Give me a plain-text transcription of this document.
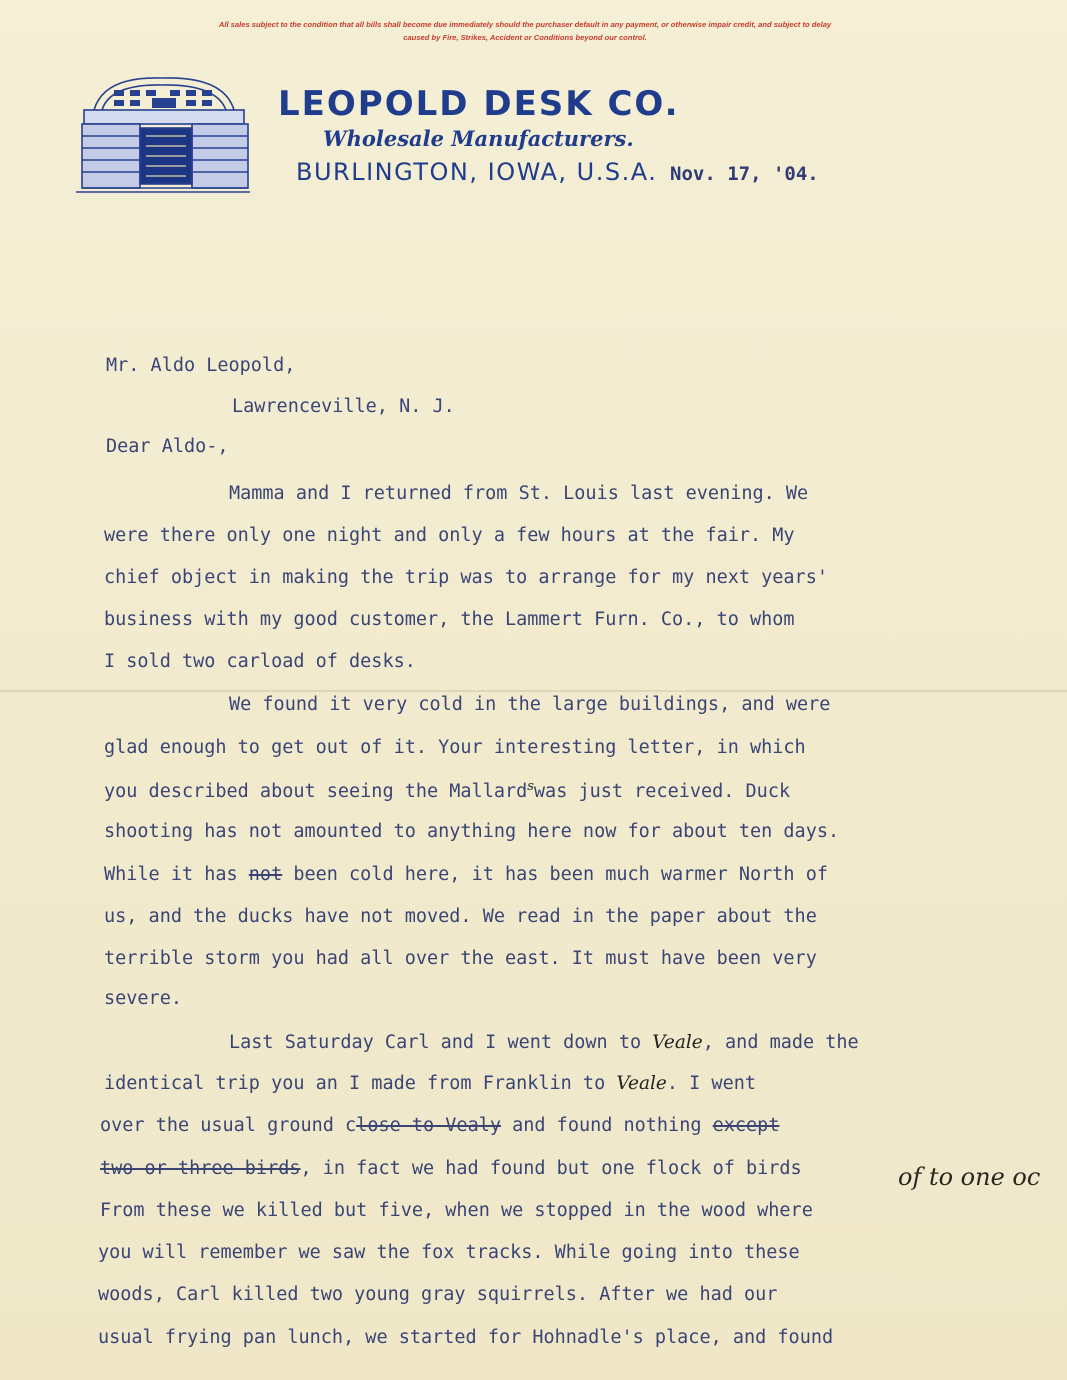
All sales subject to the condition that all bills shall become due immediately should the purchaser default in any payment, or otherwise impair credit, and subject to delay
caused by Fire, Strikes, Accident or Conditions beyond our control.
LEOPOLD DESK CO.
Wholesale Manufacturers.
BURLINGTON, IOWA, U.S.A. Nov. 17, '04.
Mr. Aldo Leopold,
Lawrenceville, N. J.
Dear Aldo-,
Mamma and I returned from St. Louis last evening. We
were there only one night and only a few hours at the fair. My
chief object in making the trip was to arrange for my next years'
business with my good customer, the Lammert Furn. Co., to whom
I sold two carload of desks.
We found it very cold in the large buildings, and were
glad enough to get out of it. Your interesting letter, in which
you described about seeing the Mallard$^s$was just received. Duck
shooting has not amounted to anything here now for about ten days.
While it has not been cold here, it has been much warmer North of
us, and the ducks have not moved. We read in the paper about the
terrible storm you had all over the east. It must have been very
severe.
Last Saturday Carl and I went down to Veale, and made the
identical trip you an I made from Franklin to Veale. I went
over the usual ground close to Vealy and found nothing except
two or three birds, in fact we had found but one flock of birds	of to one oc
From these we killed but five, when we stopped in the wood where
you will remember we saw the fox tracks. While going into these
woods, Carl killed two young gray squirrels. After we had our
usual frying pan lunch, we started for Hohnadle's place, and found
